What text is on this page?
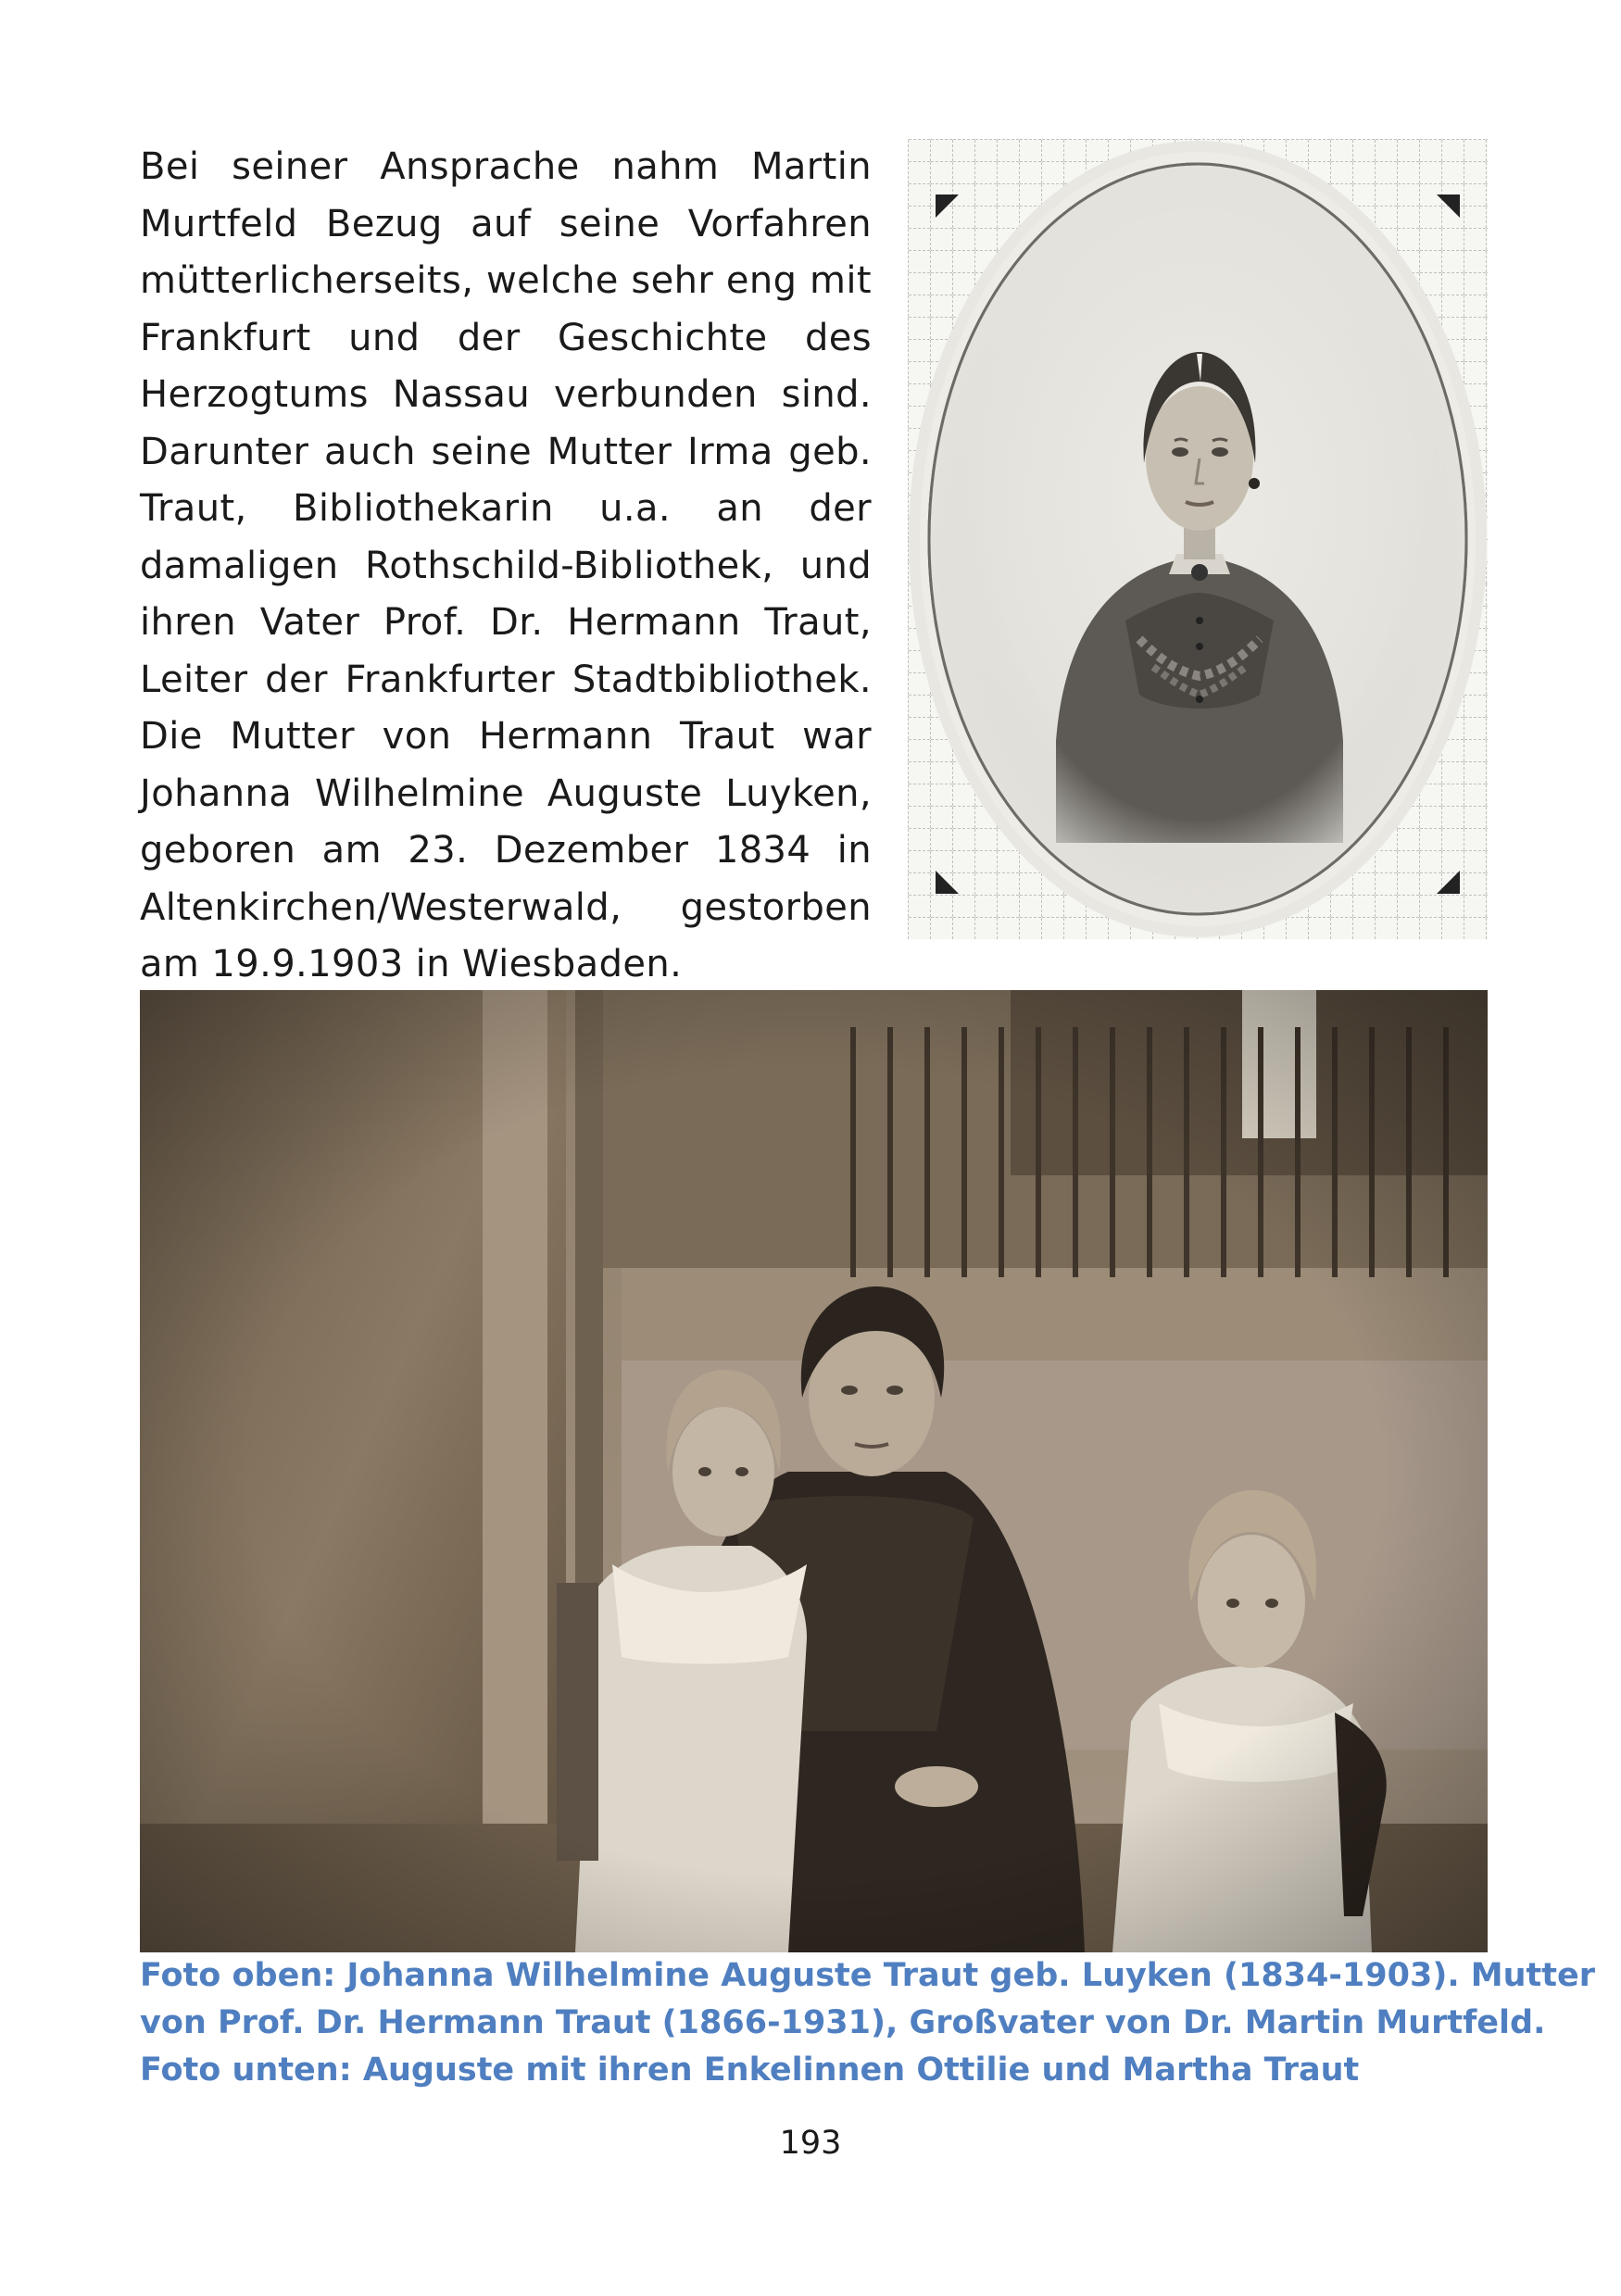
Bei seiner Ansprache nahm Martin
Murtfeld Bezug auf seine Vorfahren
mütterlicherseits, welche sehr eng mit
Frankfurt und der Geschichte des
Herzogtums Nassau verbunden sind.
Darunter auch seine Mutter Irma geb.
Traut, Bibliothekarin u.a. an der
damaligen Rothschild-Bibliothek, und
ihren Vater Prof. Dr. Hermann Traut,
Leiter der Frankfurter Stadtbibliothek.
Die Mutter von Hermann Traut war
Johanna Wilhelmine Auguste Luyken,
geboren am 23. Dezember 1834 in
Altenkirchen/Westerwald, gestorben
am 19.9.1903 in Wiesbaden.
Foto oben: Johanna Wilhelmine Auguste Traut geb. Luyken (1834-1903). Mutter
von Prof. Dr. Hermann Traut (1866-1931), Großvater von Dr. Martin Murtfeld.
Foto unten: Auguste mit ihren Enkelinnen Ottilie und Martha Traut
193
